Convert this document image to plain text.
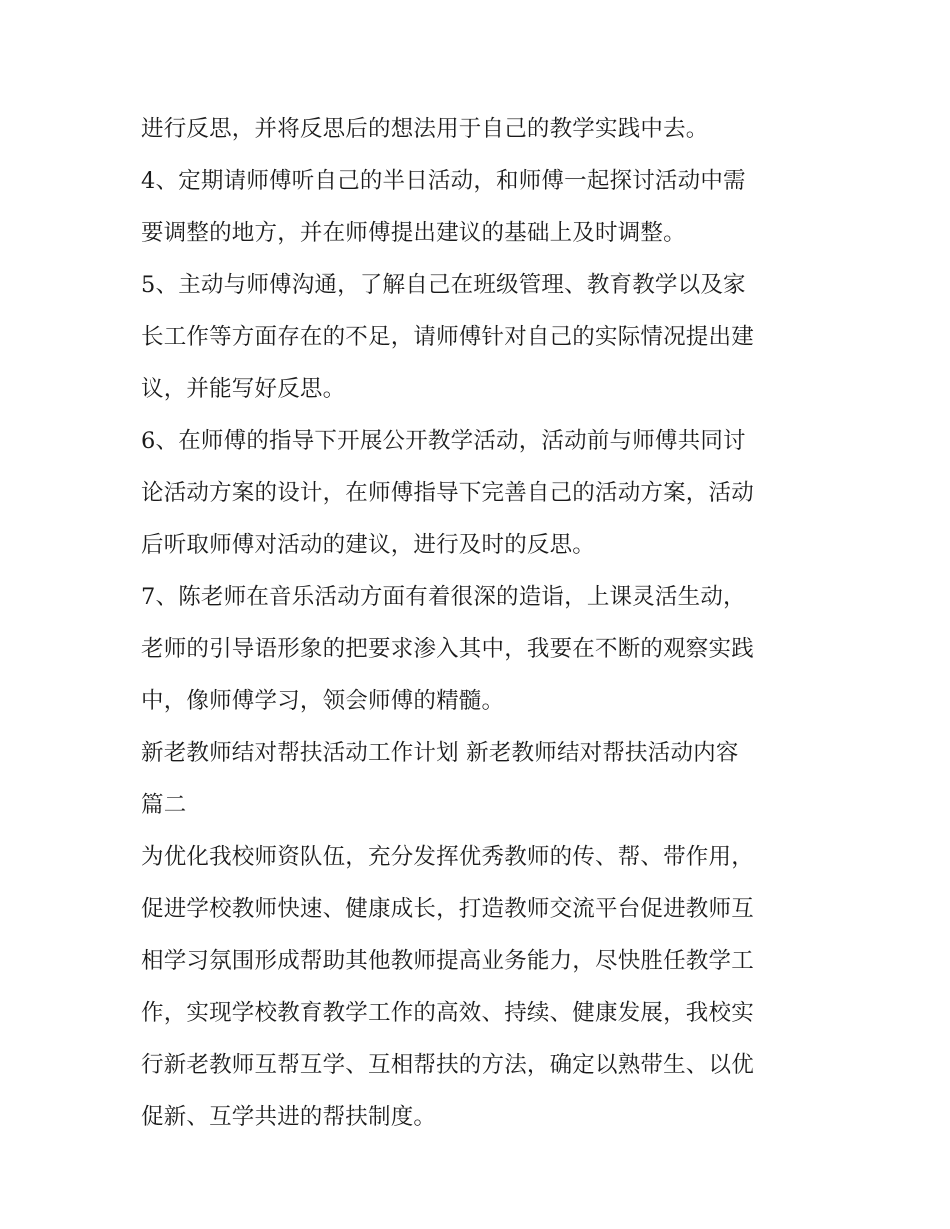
进行反思，并将反思后的想法用于自己的教学实践中去。
4、定期请师傅听自己的半日活动，和师傅一起探讨活动中需
要调整的地方，并在师傅提出建议的基础上及时调整。
5、主动与师傅沟通，了解自己在班级管理、教育教学以及家
长工作等方面存在的不足，请师傅针对自己的实际情况提出建
议，并能写好反思。
6、在师傅的指导下开展公开教学活动，活动前与师傅共同讨
论活动方案的设计，在师傅指导下完善自己的活动方案，活动
后听取师傅对活动的建议，进行及时的反思。
7、陈老师在音乐活动方面有着很深的造诣，上课灵活生动，
老师的引导语形象的把要求渗入其中，我要在不断的观察实践
中，像师傅学习，领会师傅的精髓。
新老教师结对帮扶活动工作计划 新老教师结对帮扶活动内容
篇二
为优化我校师资队伍，充分发挥优秀教师的传、帮、带作用，
促进学校教师快速、健康成长，打造教师交流平台促进教师互
相学习氛围形成帮助其他教师提高业务能力，尽快胜任教学工
作，实现学校教育教学工作的高效、持续、健康发展，我校实
行新老教师互帮互学、互相帮扶的方法，确定以熟带生、以优
促新、互学共进的帮扶制度。
